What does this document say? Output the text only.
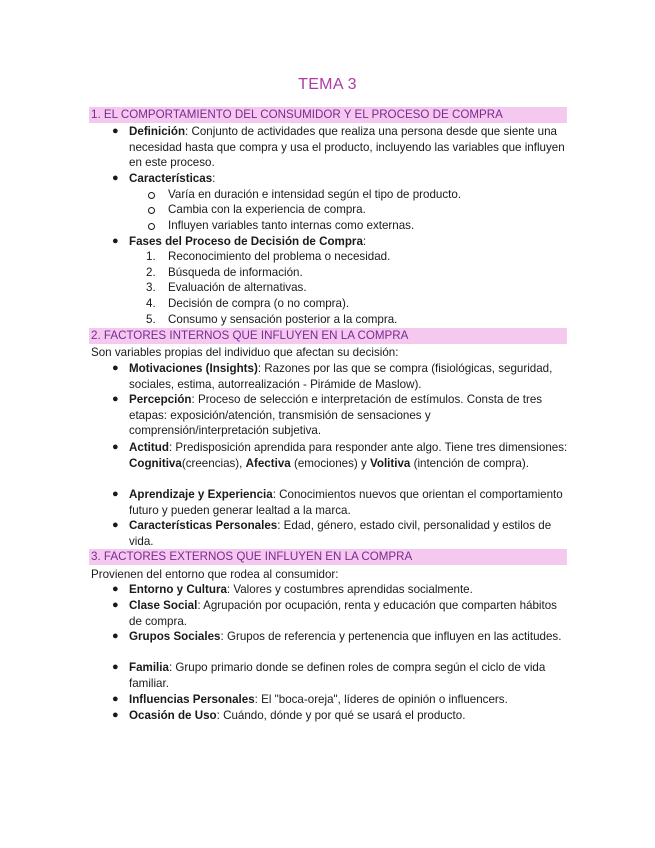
TEMA 3
1. EL COMPORTAMIENTO DEL CONSUMIDOR Y EL PROCESO DE COMPRA
● Definición: Conjunto de actividades que realiza una persona desde que siente una necesidad hasta que compra y usa el producto, incluyendo las variables que influyen en este proceso.
● Características:
Varía en duración e intensidad según el tipo de producto.
Cambia con la experiencia de compra.
Influyen variables tanto internas como externas.
● Fases del Proceso de Decisión de Compra:
1. Reconocimiento del problema o necesidad.
2. Búsqueda de información.
3. Evaluación de alternativas.
4. Decisión de compra (o no compra).
5. Consumo y sensación posterior a la compra.
2. FACTORES INTERNOS QUE INFLUYEN EN LA COMPRA
Son variables propias del individuo que afectan su decisión:
● Motivaciones (Insights): Razones por las que se compra (fisiológicas, seguridad, sociales, estima, autorrealización - Pirámide de Maslow).
● Percepción: Proceso de selección e interpretación de estímulos. Consta de tres etapas: exposición/atención, transmisión de sensaciones y comprensión/interpretación subjetiva.
● Actitud: Predisposición aprendida para responder ante algo. Tiene tres dimensiones: Cognitiva(creencias), Afectiva (emociones) y Volitiva (intención de compra).
● Aprendizaje y Experiencia: Conocimientos nuevos que orientan el comportamiento futuro y pueden generar lealtad a la marca.
● Características Personales: Edad, género, estado civil, personalidad y estilos de vida.
3. FACTORES EXTERNOS QUE INFLUYEN EN LA COMPRA
Provienen del entorno que rodea al consumidor:
● Entorno y Cultura: Valores y costumbres aprendidas socialmente.
● Clase Social: Agrupación por ocupación, renta y educación que comparten hábitos de compra.
● Grupos Sociales: Grupos de referencia y pertenencia que influyen en las actitudes.
● Familia: Grupo primario donde se definen roles de compra según el ciclo de vida familiar.
● Influencias Personales: El "boca-oreja", líderes de opinión o influencers.
● Ocasión de Uso: Cuándo, dónde y por qué se usará el producto.
